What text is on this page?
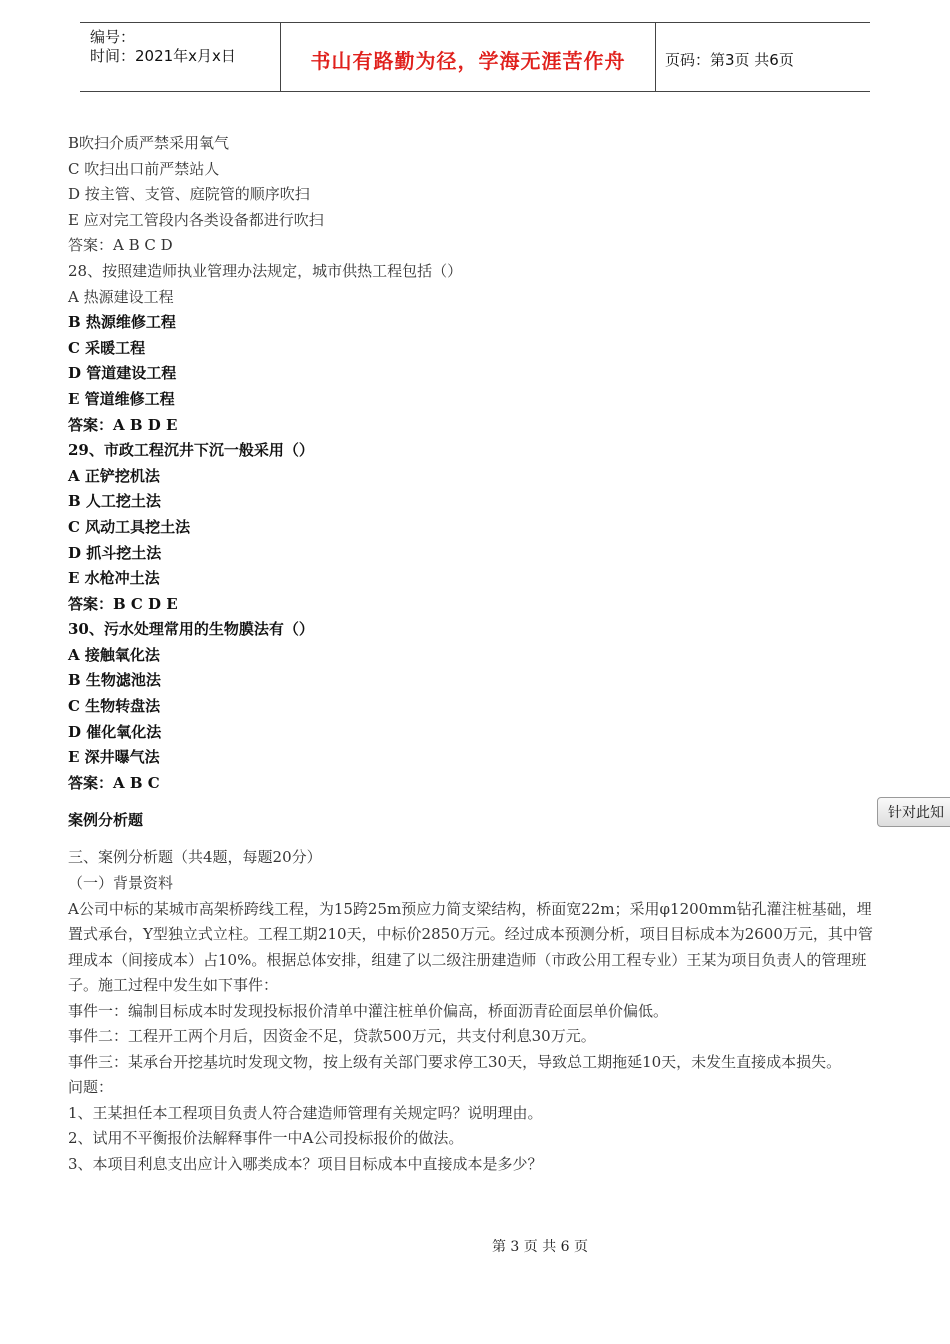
编号：
时间：2021年x月x日	书山有路勤为径，学海无涯苦作舟	页码：第3页 共6页
B吹扫介质严禁采用氧气
C 吹扫出口前严禁站人
D 按主管、支管、庭院管的顺序吹扫
E 应对完工管段内各类设备都进行吹扫
答案：A B C D
28、按照建造师执业管理办法规定，城市供热工程包括（）
A 热源建设工程
B 热源维修工程
C 采暖工程
D 管道建设工程
E 管道维修工程
答案：A B D E
29、市政工程沉井下沉一般采用（）
A 正铲挖机法
B 人工挖土法
C 风动工具挖土法
D 抓斗挖土法
E 水枪冲土法
答案：B C D E
30、污水处理常用的生物膜法有（）
A 接触氧化法
B 生物滤池法
C 生物转盘法
D 催化氧化法
E 深井曝气法
答案：A B C
案例分析题
三、案例分析题（共4题，每题20分）
（一）背景资料
A公司中标的某城市高架桥跨线工程，为15跨25m预应力简支梁结构，桥面宽22m；采用φ1200mm钻孔灌注桩基础，埋置式承台，Y型独立式立柱。工程工期210天，中标价2850万元。经过成本预测分析，项目目标成本为2600万元，其中管理成本（间接成本）占10%。根据总体安排，组建了以二级注册建造师（市政公用工程专业）王某为项目负责人的管理班子。施工过程中发生如下事件：
事件一：编制目标成本时发现投标报价清单中灌注桩单价偏高，桥面沥青砼面层单价偏低。
事件二：工程开工两个月后，因资金不足，贷款500万元，共支付利息30万元。
事件三：某承台开挖基坑时发现文物，按上级有关部门要求停工30天，导致总工期拖延10天，未发生直接成本损失。
问题：
1、王某担任本工程项目负责人符合建造师管理有关规定吗？说明理由。
2、试用不平衡报价法解释事件一中A公司投标报价的做法。
3、本项目利息支出应计入哪类成本？项目目标成本中直接成本是多少？
针对此知
第 3 页 共 6 页
